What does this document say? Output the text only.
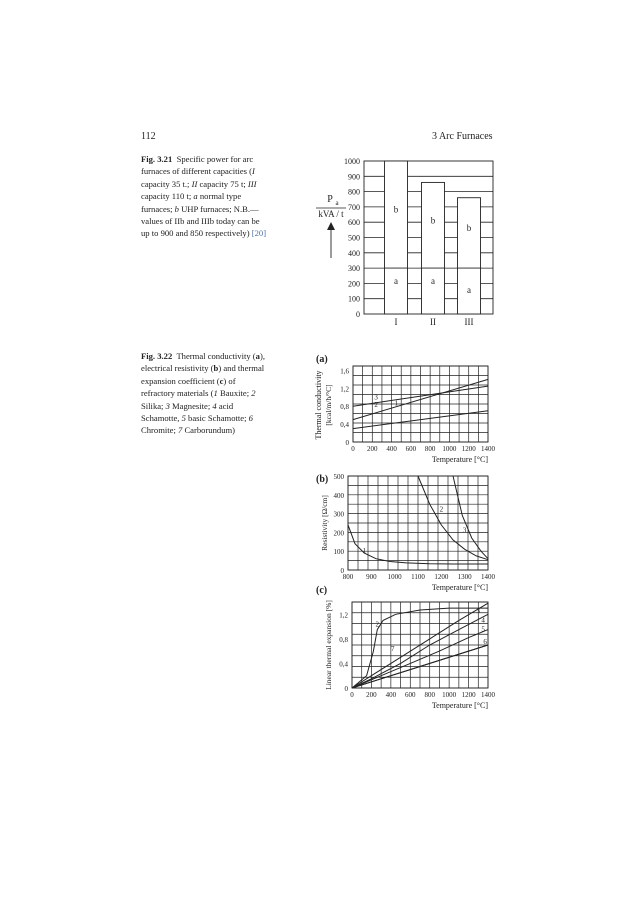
112	3 Arc Furnaces
Fig. 3.21 Specific power for arc furnaces of different capacities (I capacity 35 t.; II capacity 75 t; III capacity 110 t; a normal type furnaces; b UHP furnaces; N.B.—values of IIb and IIIb today can be up to 900 and 850 respectively) [20]
Fig. 3.22 Thermal conductivity (a), electrical resistivity (b) and thermal expansion coefficient (c) of refractory materials (1 Bauxite; 2 Silika; 3 Magnesite; 4 acid Schamotte, 5 basic Schamotte; 6 Chromite; 7 Carborundum)
0
100
200
300
400
500
600
700
800
900
1000
b
a
I
b
a
II
b
a
III
P a
kVA / t
0 200 400 600 800 1000 1200 1400
0
0,4
0,8
1,2
1,6
Temperature [°C]
(a)
1
2
3
Thermal conductivity [kcal/m/h/°C]
800 900 1000 1100 1200 1300 1400
0
100
200
300
400
500
Temperature [°C]
(b)
1
2
3
Resistivity [Ω/cm]
0 200 400 600 800 1000 1200 1400
0
0,4
0,8
1,2
Temperature [°C]
(c)
2
3
4
5
6
7
Linear thermal expansion [%]
